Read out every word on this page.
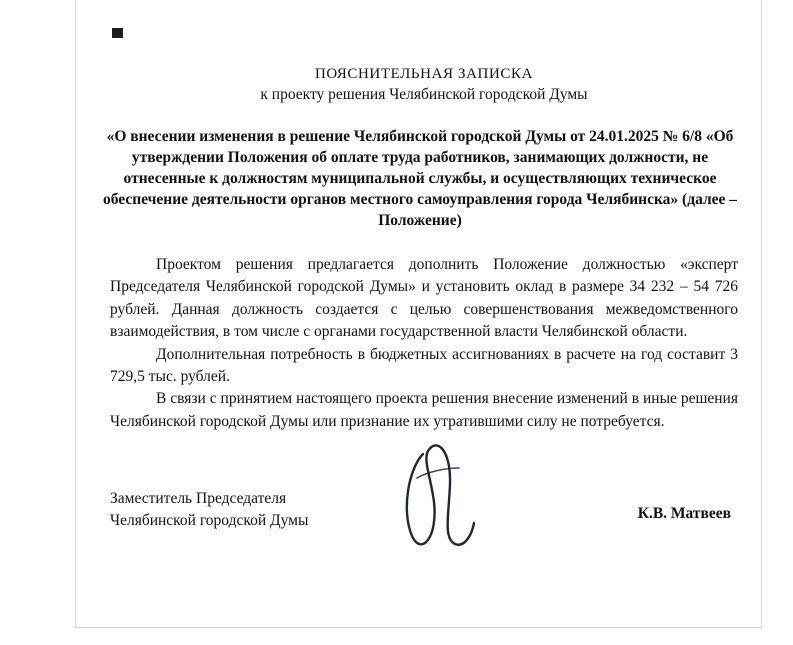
ПОЯСНИТЕЛЬНАЯ ЗАПИСКА
к проекту решения Челябинской городской Думы
«О внесении изменения в решение Челябинской городской Думы от 24.01.2025 № 6/8 «Об утверждении Положения об оплате труда работников, занимающих должности, не отнесенные к должностям муниципальной службы, и осуществляющих техническое обеспечение деятельности органов местного самоуправления города Челябинска» (далее – Положение)

Проектом решения предлагается дополнить Положение должностью «эксперт Председателя Челябинской городской Думы» и установить оклад в размере 34 232 – 54 726 рублей. Данная должность создается с целью совершенствования межведомственного взаимодействия, в том числе с органами государственной власти Челябинской области.

Дополнительная потребность в бюджетных ассигнованиях в расчете на год составит 3 729,5 тыс. рублей.

В связи с принятием настоящего проекта решения внесение изменений в иные решения Челябинской городской Думы или признание их утратившими силу не потребуется.

Заместитель Председателя
Челябинской городской Думы	К.В. Матвеев
